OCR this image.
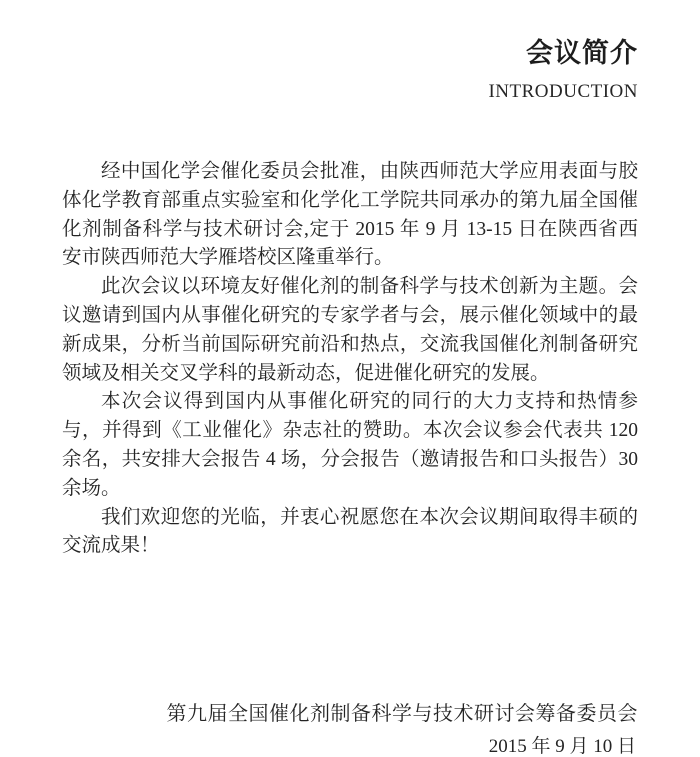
会议简介
INTRODUCTION

经中国化学会催化委员会批准，由陕西师范大学应用表面与胶体化学教育部重点实验室和化学化工学院共同承办的第九届全国催化剂制备科学与技术研讨会,定于 2015 年 9 月 13-15 日在陕西省西安市陕西师范大学雁塔校区隆重举行。

此次会议以环境友好催化剂的制备科学与技术创新为主题。会议邀请到国内从事催化研究的专家学者与会，展示催化领域中的最新成果，分析当前国际研究前沿和热点，交流我国催化剂制备研究领域及相关交叉学科的最新动态，促进催化研究的发展。

本次会议得到国内从事催化研究的同行的大力支持和热情参与，并得到《工业催化》杂志社的赞助。本次会议参会代表共 120 余名，共安排大会报告 4 场，分会报告（邀请报告和口头报告）30 余场。

我们欢迎您的光临，并衷心祝愿您在本次会议期间取得丰硕的交流成果！

第九届全国催化剂制备科学与技术研讨会筹备委员会
2015 年 9 月 10 日
